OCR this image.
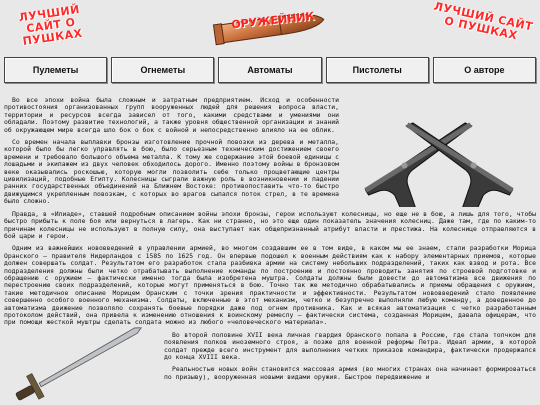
ЛУЧШИЙ САЙТ О ПУШКАХ
ОРУЖЕЙНИК	ЛУЧШИЙ САЙТ О ПУШКАХ
Пулеметы	Огнеметы	Автоматы	Пистолеты	О авторе

Во все эпохи война была сложным и затратным предприятием. Исход и особенности противостояния организованных групп вооруженных людей для решения вопроса власти, территории и ресурсов всегда зависел от того, какими средствами и умениями они обладали. Поэтому развитие технологий, а также уровня общественной организации и знаний об окружающем мире всегда шло бок о бок с войной и непосредственно влияло на ее облик.

Со времен начала выплавки бронзы изготовление прочной повозки из дерева и металла, которой было бы легко управлять в бою, было серьезным техническим достижением своего времени и требовало большого объема металла. К тому же содержание этой боевой единицы с лошадьми и экипажем из двух человек обходилось дорого. Именно поэтому войны в бронзовом веке оказывались роскошью, которую могли позволить себе только процветающие центры цивилизаций, подобные Египту. Колесницы сыграли важную роль в возникновении и падении ранних государственных объединений на Ближнем Востоке: противопоставить что-то быстро движущимся укрепленным повозкам, с которых во врагов сыпался поток стрел, в те времена было сложно.

Правда, в «Илиаде», ставшей подробным описанием войны эпохи бронзы, герои используют колесницы, но еще не в бою, а лишь для того, чтобы быстро прибыть к поле боя или вернуться в лагерь. Как ни странно, но это еще один показатель значения колесниц. Даже там, где по каким-то причинам колесницы не используют в полную силу, она выступает как общепризнанный атрибут власти и престижа. На колеснице отправляются в бой цари и герои.

Одним из важнейших нововведений в управлении армией, во многом создавшим ее в том виде, в каком мы ее знаем, стали разработки Морица Оранского — правителя Нидерландов с 1585 по 1625 год. Он впервые подошел к военным действиям как к набору элементарных приемов, которые должен совершать солдат. Результатом его разработок стала разбивка армии на систему небольших подразделений, таких как взвод и рота. Все подразделения должны были четко отрабатывать выполнение команды по построению и постоянно проводить занятия по строевой подготовке и обращению с оружием — фактически именно тогда была изобретена муштра. Солдаты должны были довести до автоматизма все движения по перестроению своих подразделений, которые могут применяться в бою. Точно так же методично обрабатывались и приемы обращения с оружием, такие методичное описание Морицем Оранским с точки зрения практичности и эффективности. Результатом нововведений стало появление совершенно особого военного механизма. Солдаты, включенные в этот механизм, четко и безупречно выполняли любую команду, а доведенное до автоматизма движение позволяло сохранять боевые порядки даже под огнем противника. Как и всякая автоматизация с четко разработанным протоколом действий, она привела к изменению отношения к воинскому ремеслу — фактически система, созданная Морицем, давала офицерам, что при помощи жесткой муштры сделать солдата можно из любого «человеческого материала».

Во второй половине XVII века личная гвардия Оранского попала в Россию, где стала толчком для появления полков иноземного строя, а позже для военной реформы Петра. Идеал армии, в которой солдат прежде всего инструмент для выполнения четких приказов командира, фактически продержался до конца XVIII века.

Реальностью новых войн становится массовая армия (во многих странах она начинает формироваться по призыву), вооруженная новыми видами оружия. Быстрое передвижение и
